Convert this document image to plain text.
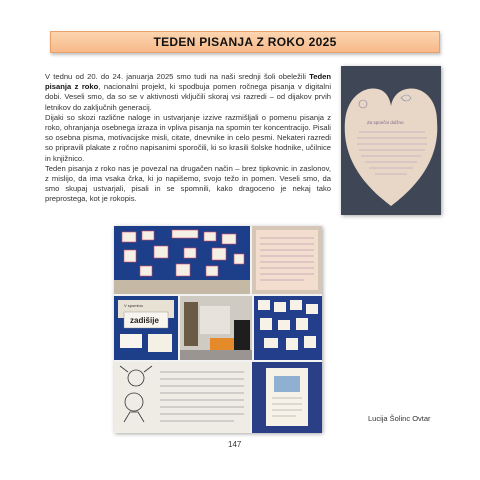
TEDEN PISANJA Z ROKO 2025

V tednu od 20. do 24. januarja 2025 smo tudi na naši srednji šoli obeležili Teden pisanja z roko, nacionalni projekt, ki spodbuja pomen ročnega pisanja v digitalni dobi. Veseli smo, da so se v aktivnosti vključili skoraj vsi razredi – od dijakov prvih letnikov do zaključnih generacij.

Dijaki so skozi različne naloge in ustvarjanje izzive razmišljali o pomenu pisanja z roko, ohranjanja osebnega izraza in vpliva pisanja na spomin ter koncentracijo. Pisali so osebna pisma, motivacijske misli, citate, dnevnike in celo pesmi. Nekateri razredi so pripravili plakate z ročno napisanimi sporočili, ki so krasili šolske hodnike, učilnice in knjižnico.

Teden pisanja z roko nas je povezal na drugačen način – brez tipkovnic in zaslonov, z mislijo, da ima vsaka črka, ki jo napišemo, svojo težo in pomen. Veseli smo, da smo skupaj ustvarjali, pisali in se spomnili, kako dragoceno je nekaj tako preprostega, kot je rokopis.

Za spončni dolžno
V spominu
zadišije
Lucija Šolinc Ovtar
147
